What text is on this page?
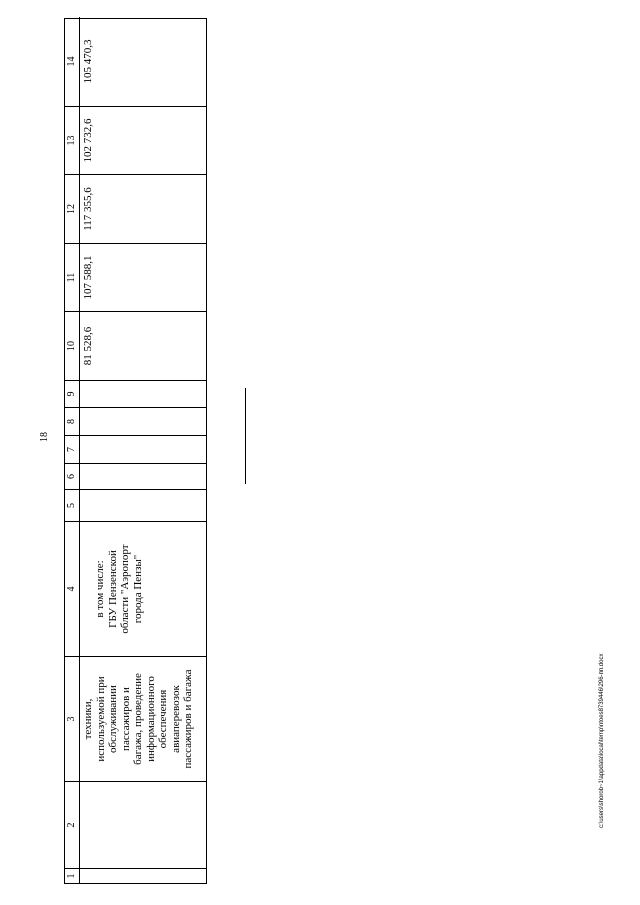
18
1
2
3 техники, используемой при обслуживании пассажиров и багажа, проведение информационного обеспечения авиаперевозок пассажиров и багажа
4 в том числе: ГБУ Пензенской области "Аэропорт города Пензы"
5
6
7
8
9
10 81 528,6
11 107 588,1
12 117 355,6
13 102 732,6
14 105 470,3
c:\users\shorob~1\appdata\local\temp\ntoes8739446\296-пп.docx
